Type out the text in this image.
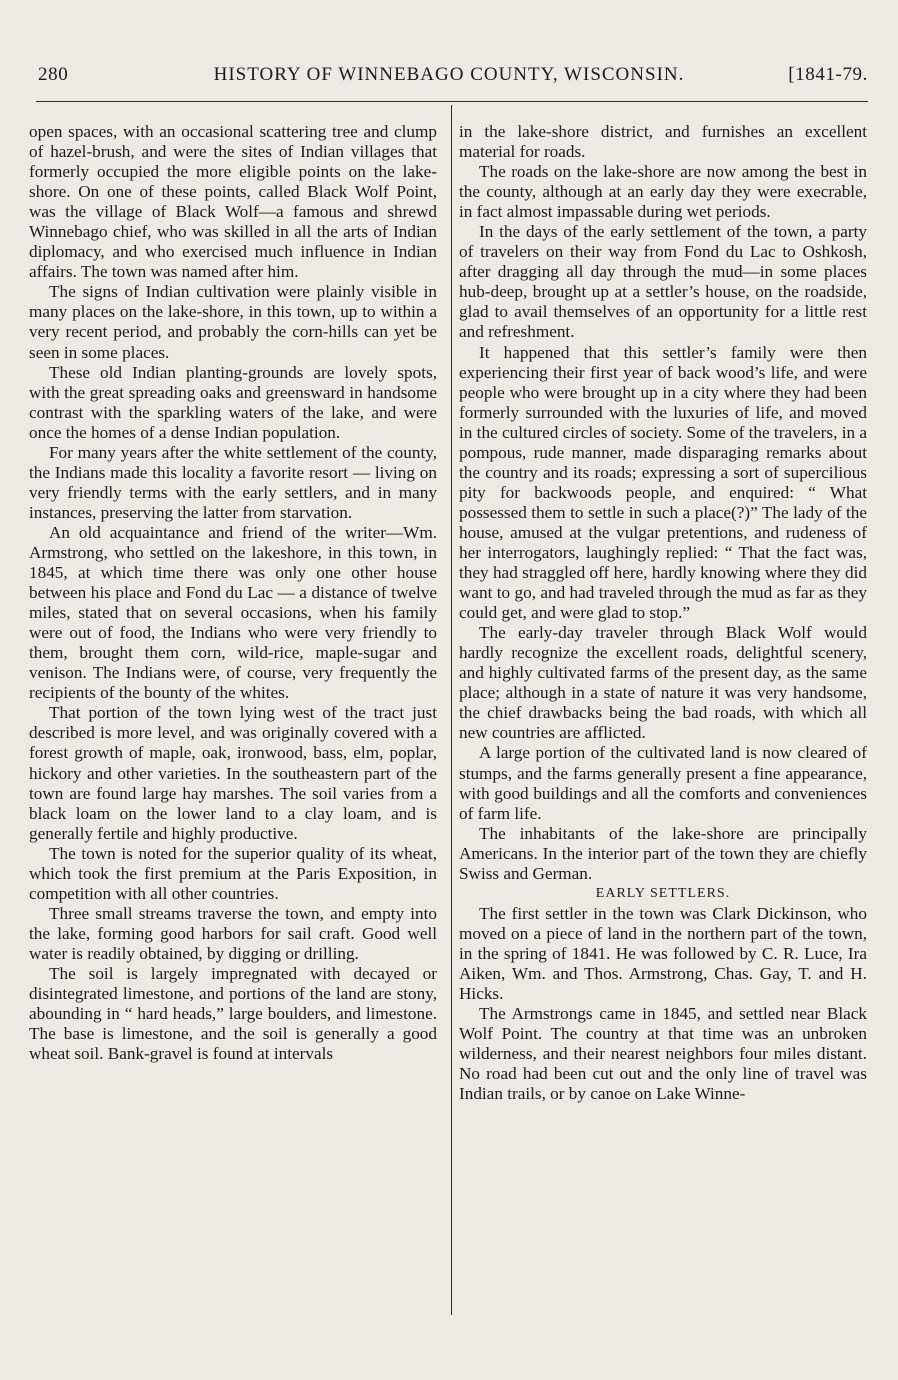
280	HISTORY OF WINNEBAGO COUNTY, WISCONSIN.	[1841-79.

open spaces, with an occasional scattering tree and clump of hazel-brush, and were the sites of Indian villages that formerly occupied the more eligible points on the lake-shore. On one of these points, called Black Wolf Point, was the village of Black Wolf—a famous and shrewd Winnebago chief, who was skilled in all the arts of Indian diplomacy, and who exercised much influence in Indian affairs. The town was named after him.

The signs of Indian cultivation were plainly visible in many places on the lake-shore, in this town, up to within a very recent period, and probably the corn-hills can yet be seen in some places.

These old Indian planting-grounds are lovely spots, with the great spreading oaks and greensward in handsome contrast with the sparkling waters of the lake, and were once the homes of a dense Indian population.

For many years after the white settlement of the county, the Indians made this locality a favorite resort — living on very friendly terms with the early settlers, and in many instances, preserving the latter from starvation.

An old acquaintance and friend of the writer—Wm. Armstrong, who settled on the lakeshore, in this town, in 1845, at which time there was only one other house between his place and Fond du Lac — a distance of twelve miles, stated that on several occasions, when his family were out of food, the Indians who were very friendly to them, brought them corn, wild-rice, maple-sugar and venison. The Indians were, of course, very frequently the recipients of the bounty of the whites.

That portion of the town lying west of the tract just described is more level, and was originally covered with a forest growth of maple, oak, ironwood, bass, elm, poplar, hickory and other varieties. In the southeastern part of the town are found large hay marshes. The soil varies from a black loam on the lower land to a clay loam, and is generally fertile and highly productive.

The town is noted for the superior quality of its wheat, which took the first premium at the Paris Exposition, in competition with all other countries.

Three small streams traverse the town, and empty into the lake, forming good harbors for sail craft. Good well water is readily obtained, by digging or drilling.

The soil is largely impregnated with decayed or disintegrated limestone, and portions of the land are stony, abounding in “ hard heads,” large boulders, and limestone. The base is limestone, and the soil is generally a good wheat soil. Bank-gravel is found at intervals

in the lake-shore district, and furnishes an excellent material for roads.

The roads on the lake-shore are now among the best in the county, although at an early day they were execrable, in fact almost impassable during wet periods.

In the days of the early settlement of the town, a party of travelers on their way from Fond du Lac to Oshkosh, after dragging all day through the mud—in some places hub-deep, brought up at a settler’s house, on the roadside, glad to avail themselves of an opportunity for a little rest and refreshment.

It happened that this settler’s family were then experiencing their first year of back wood’s life, and were people who were brought up in a city where they had been formerly surrounded with the luxuries of life, and moved in the cultured circles of society. Some of the travelers, in a pompous, rude manner, made disparaging remarks about the country and its roads; expressing a sort of supercilious pity for backwoods people, and enquired: “ What possessed them to settle in such a place(?)” The lady of the house, amused at the vulgar pretentions, and rudeness of her interrogators, laughingly replied: “ That the fact was, they had straggled off here, hardly knowing where they did want to go, and had traveled through the mud as far as they could get, and were glad to stop.”

The early-day traveler through Black Wolf would hardly recognize the excellent roads, delightful scenery, and highly cultivated farms of the present day, as the same place; although in a state of nature it was very handsome, the chief drawbacks being the bad roads, with which all new countries are afflicted.

A large portion of the cultivated land is now cleared of stumps, and the farms generally present a fine appearance, with good buildings and all the comforts and conveniences of farm life.

The inhabitants of the lake-shore are principally Americans. In the interior part of the town they are chiefly Swiss and German.

EARLY SETTLERS.

The first settler in the town was Clark Dickinson, who moved on a piece of land in the northern part of the town, in the spring of 1841. He was followed by C. R. Luce, Ira Aiken, Wm. and Thos. Armstrong, Chas. Gay, T. and H. Hicks.

The Armstrongs came in 1845, and settled near Black Wolf Point. The country at that time was an unbroken wilderness, and their nearest neighbors four miles distant. No road had been cut out and the only line of travel was Indian trails, or by canoe on Lake Winne-
